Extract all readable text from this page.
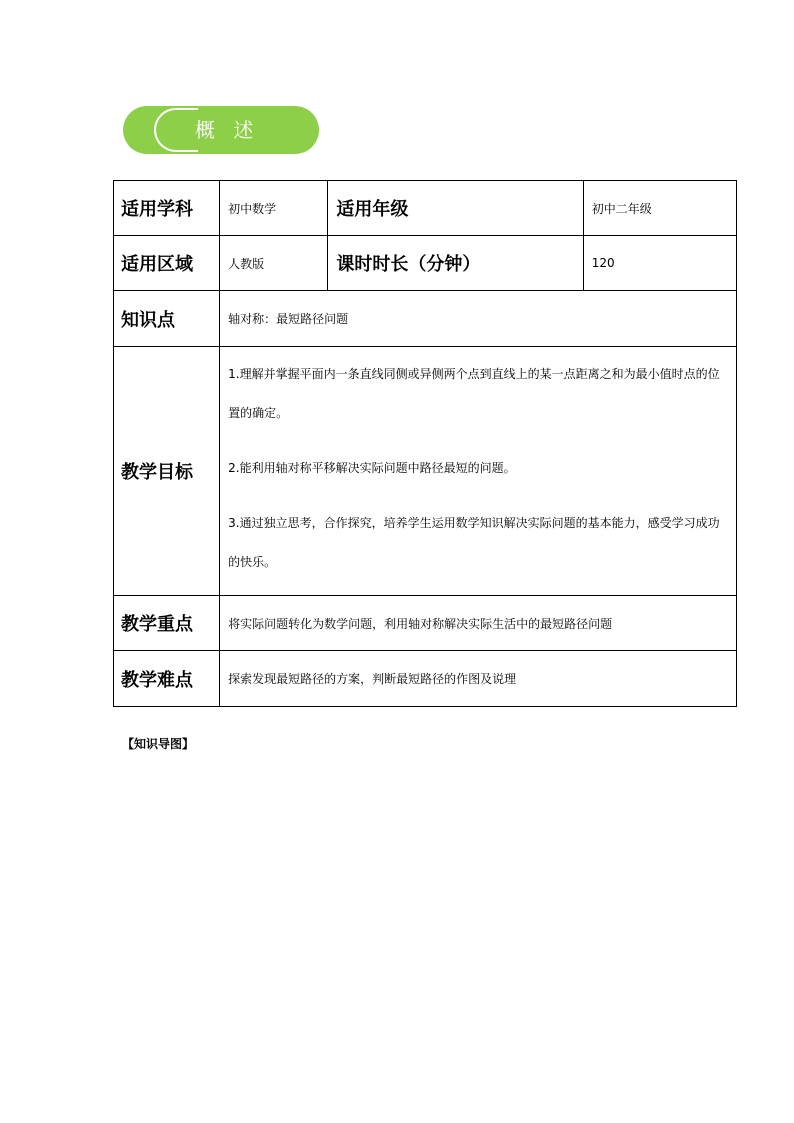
概 述
适用学科	初中数学	适用年级	初中二年级
适用区域	人教版	课时时长（分钟）	120
知识点	轴对称：最短路径问题		
教学目标	1.理解并掌握平面内一条直线同侧或异侧两个点到直线上的某一点距离之和为最小值时点的位置的确定。

2.能利用轴对称平移解决实际问题中路径最短的问题。

3.通过独立思考，合作探究，培养学生运用数学知识解决实际问题的基本能力，感受学习成功的快乐。		

教学重点	将实际问题转化为数学问题，利用轴对称解决实际生活中的最短路径问题		
教学难点	探索发现最短路径的方案，判断最短路径的作图及说理		
【知识导图】
